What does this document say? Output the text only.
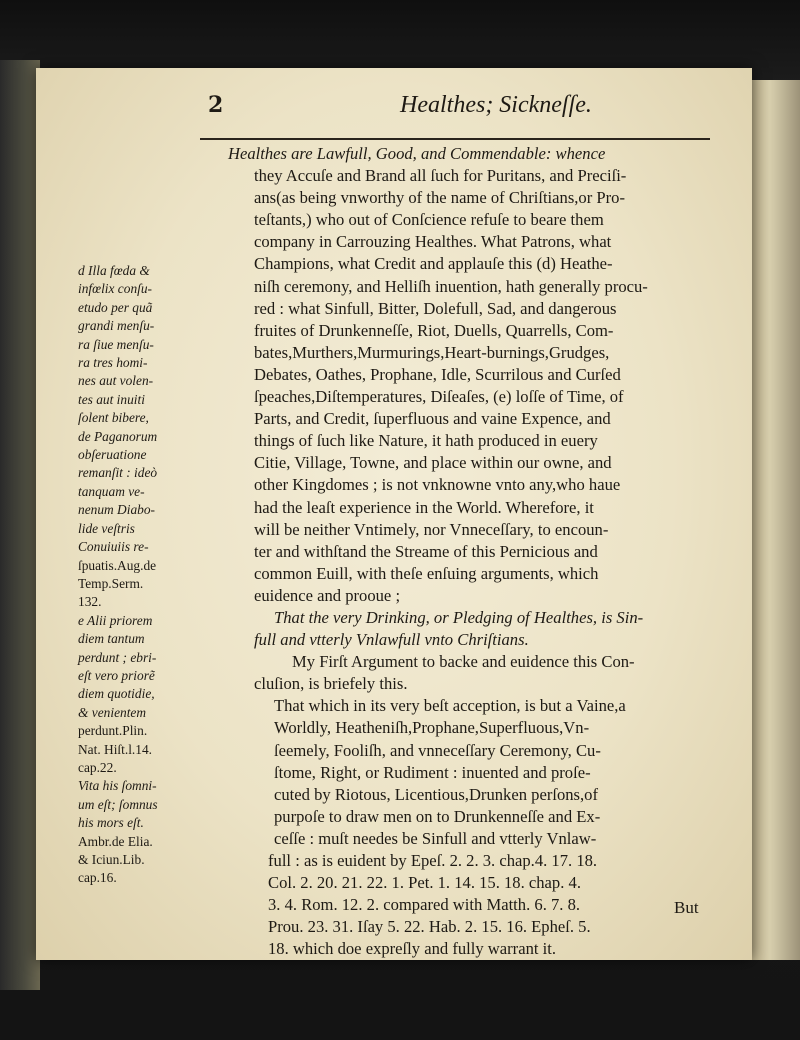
2	Healthes; Sickneſſe.
Healthes are Lawfull, Good, and Commendable: whence
they Accuſe and Brand all ſuch for Puritans, and Preciſi-
ans(as being vnworthy of the name of Chriſtians,or Pro-
teſtants,) who out of Conſcience refuſe to beare them
company in Carrouzing Healthes. What Patrons, what
Champions, what Credit and applauſe this (d) Heathe-
niſh ceremony, and Helliſh inuention, hath generally procu-
red : what Sinfull, Bitter, Dolefull, Sad, and dangerous
fruites of Drunkenneſſe, Riot, Duells, Quarrells, Com-
bates,Murthers,Murmurings,Heart-burnings,Grudges,
Debates, Oathes, Prophane, Idle, Scurrilous and Curſed
ſpeaches,Diſtemperatures, Diſeaſes, (e) loſſe of Time, of
Parts, and Credit, ſuperfluous and vaine Expence, and
things of ſuch like Nature, it hath produced in euery
Citie, Village, Towne, and place within our owne, and
other Kingdomes ; is not vnknowne vnto any,who haue
had the leaſt experience in the World. Wherefore, it
will be neither Vntimely, nor Vnneceſſary, to encoun-
ter and withſtand the Streame of this Pernicious and
common Euill, with theſe enſuing arguments, which
euidence and prooue ;
That the very Drinking, or Pledging of Healthes, is Sin-
full and vtterly Vnlawfull vnto Chriſtians.
My Firſt Argument to backe and euidence this Con-
cluſion, is briefely this.
That which in its very beſt acception, is but a Vaine,a
Worldly, Heatheniſh,Prophane,Superfluous,Vn-
ſeemely, Fooliſh, and vnneceſſary Ceremony, Cu-
ſtome, Right, or Rudiment : inuented and proſe-
cuted by Riotous, Licentious,Drunken perſons,of
purpoſe to draw men on to Drunkenneſſe and Ex-
ceſſe : muſt needes be Sinfull and vtterly Vnlaw-
full : as is euident by Epeſ. 2. 2. 3. chap.4. 17. 18.
Col. 2. 20. 21. 22. 1. Pet. 1. 14. 15. 18. chap. 4.
3. 4. Rom. 12. 2. compared with Matth. 6. 7. 8.
Prou. 23. 31. Iſay 5. 22. Hab. 2. 15. 16. Epheſ. 5.
18. which doe expreſly and fully warrant it.
d Illa fœda &
infœlix conſu-
etudo per quã
grandi menſu-
ra ſiue menſu-
ra tres homi-
nes aut volen-
tes aut inuiti
ſolent bibere,
de Paganorum
obſeruatione
remanſit : ideò
tanquam ve-
nenum Diabo-
lide veſtris
Conuiuiis re-
ſpuatis.Aug.de
Temp.Serm.
132.
e Alii priorem
diem tantum
perdunt ; ebri-
eſt vero priorẽ
diem quotidie,
& venientem
perdunt.Plin.
Nat. Hiſt.l.14.
cap.22.
Vita his ſomni-
um eſt; ſomnus
his mors eſt.
Ambr.de Elia.
& Iciun.Lib.
cap.16.
But
